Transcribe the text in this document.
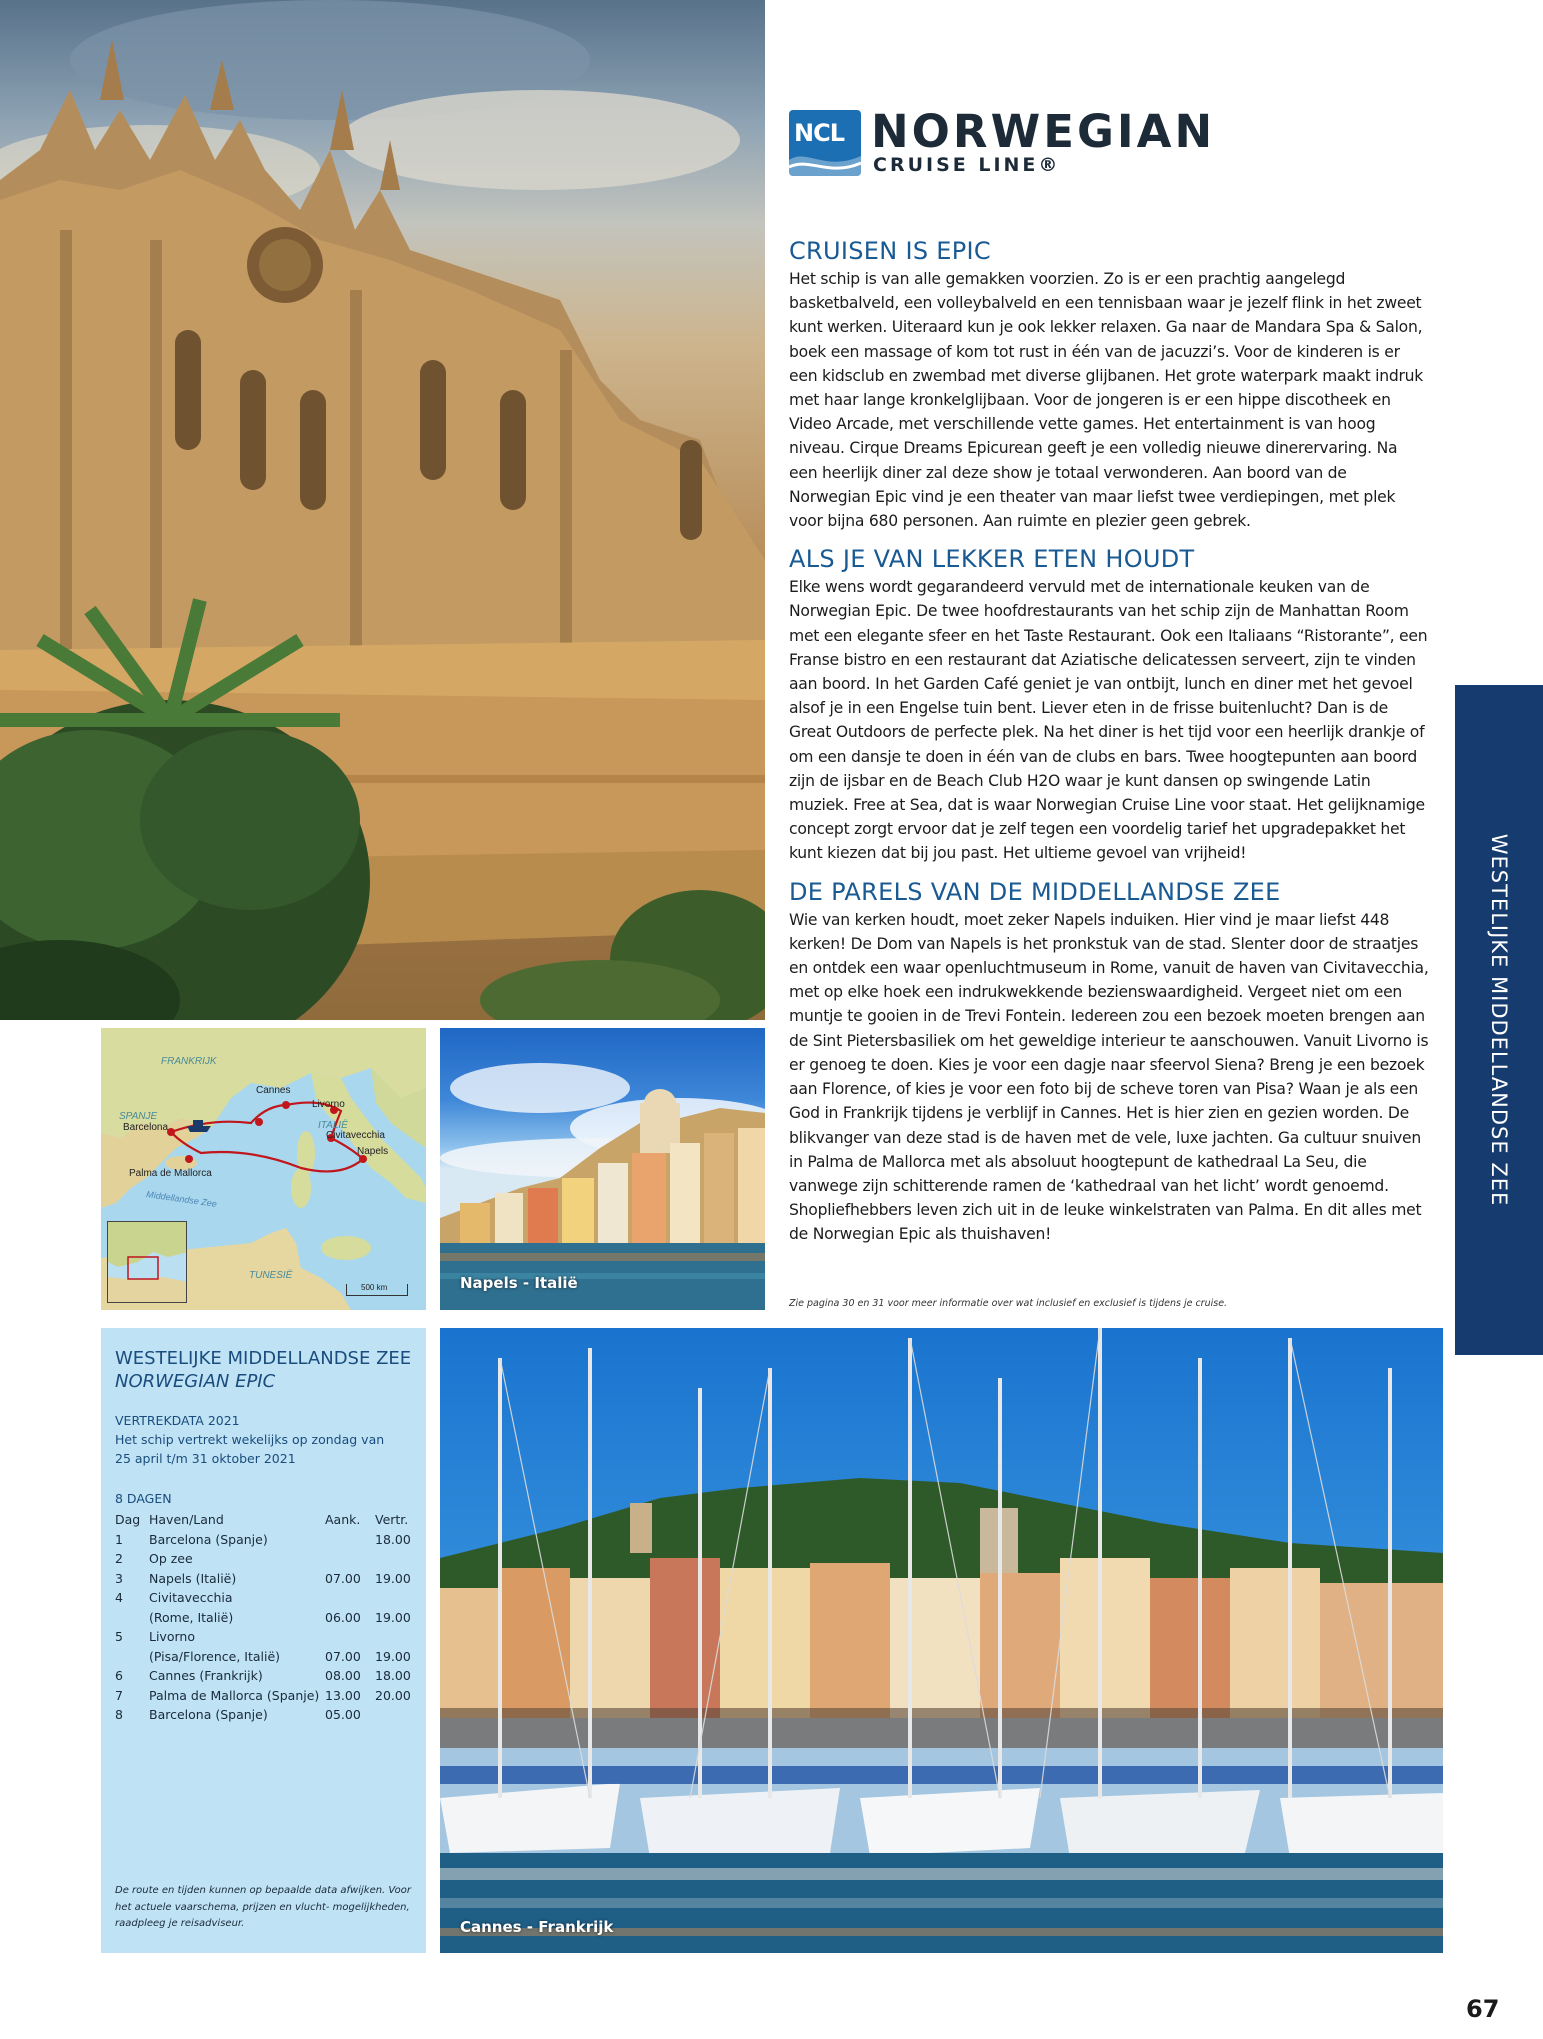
NCL NORWEGIAN
CRUISE LINE®
CRUISEN IS EPIC

Het schip is van alle gemakken voorzien. Zo is er een prachtig aangelegd basketbalveld, een volleybalveld en een tennisbaan waar je jezelf flink in het zweet kunt werken. Uiteraard kun je ook lekker relaxen. Ga naar de Mandara Spa & Salon, boek een massage of kom tot rust in één van de jacuzzi’s. Voor de kinderen is er een kidsclub en zwembad met diverse glijbanen. Het grote waterpark maakt indruk met haar lange kronkelglijbaan. Voor de jongeren is er een hippe discotheek en Video Arcade, met verschillende vette games. Het entertainment is van hoog niveau. Cirque Dreams Epicurean geeft je een volledig nieuwe dinerervaring. Na een heerlijk diner zal deze show je totaal verwonderen. Aan boord van de Norwegian Epic vind je een theater van maar liefst twee verdiepingen, met plek voor bijna 680 personen. Aan ruimte en plezier geen gebrek.

ALS JE VAN LEKKER ETEN HOUDT

Elke wens wordt gegarandeerd vervuld met de internationale keuken van de Norwegian Epic. De twee hoofdrestaurants van het schip zijn de Manhattan Room met een elegante sfeer en het Taste Restaurant. Ook een Italiaans “Ristorante”, een Franse bistro en een restaurant dat Aziatische delicatessen serveert, zijn te vinden aan boord. In het Garden Café geniet je van ontbijt, lunch en diner met het gevoel alsof je in een Engelse tuin bent. Liever eten in de frisse buitenlucht? Dan is de Great Outdoors de perfecte plek. Na het diner is het tijd voor een heerlijk drankje of om een dansje te doen in één van de clubs en bars. Twee hoogtepunten aan boord zijn de ijsbar en de Beach Club H2O waar je kunt dansen op swingende Latin muziek. Free at Sea, dat is waar Norwegian Cruise Line voor staat. Het gelijknamige concept zorgt ervoor dat je zelf tegen een voordelig tarief het upgradepakket het kunt kiezen dat bij jou past. Het ultieme gevoel van vrijheid!

DE PARELS VAN DE MIDDELLANDSE ZEE

Wie van kerken houdt, moet zeker Napels induiken. Hier vind je maar liefst 448 kerken! De Dom van Napels is het pronkstuk van de stad. Slenter door de straatjes en ontdek een waar openluchtmuseum in Rome, vanuit de haven van Civitavecchia, met op elke hoek een indrukwekkende bezienswaardigheid. Vergeet niet om een muntje te gooien in de Trevi Fontein. Iedereen zou een bezoek moeten brengen aan de Sint Pietersbasiliek om het geweldige interieur te aanschouwen. Vanuit Livorno is er genoeg te doen. Kies je voor een dagje naar sfeervol Siena? Breng je een bezoek aan Florence, of kies je voor een foto bij de scheve toren van Pisa? Waan je als een God in Frankrijk tijdens je verblijf in Cannes. Het is hier zien en gezien worden. De blikvanger van deze stad is de haven met de vele, luxe jachten. Ga cultuur snuiven in Palma de Mallorca met als absoluut hoogtepunt de kathedraal La Seu, die vanwege zijn schitterende ramen de ‘kathedraal van het licht’ wordt genoemd. Shopliefhebbers leven zich uit in de leuke winkelstraten van Palma. En dit alles met de Norwegian Epic als thuishaven!

Zie pagina 30 en 31 voor meer informatie over wat inclusief en exclusief is tijdens je cruise.
WESTELIJKE MIDDELLANDSE ZEE
FRANKRIJK
SPANJE
ITALIË
TUNESIË
Middellandse Zee
Barcelona
Cannes
Livorno
Civitavecchia
Napels
Palma de Mallorca
500 km	Napels - Italië
WESTELIJKE MIDDELLANDSE ZEE
NORWEGIAN EPIC
VERTREKDATA 2021
Het schip vertrekt wekelijks op zondag van
25 april t/m 31 oktober 2021
8 DAGEN
Dag	Haven/Land	Aank.	Vertr.
1	Barcelona (Spanje)		18.00
2	Op zee		
3	Napels (Italië)	07.00	19.00
4	Civitavecchia		
	(Rome, Italië)	06.00	19.00
5	Livorno		
	(Pisa/Florence, Italië)	07.00	19.00
6	Cannes (Frankrijk)	08.00	18.00
7	Palma de Mallorca (Spanje)	13.00	20.00
8	Barcelona (Spanje)	05.00	
De route en tijden kunnen op bepaalde data afwijken. Voor het actuele vaarschema, prijzen en vlucht- mogelijkheden, raadpleeg je reisadviseur.	Cannes - Frankrijk
67
